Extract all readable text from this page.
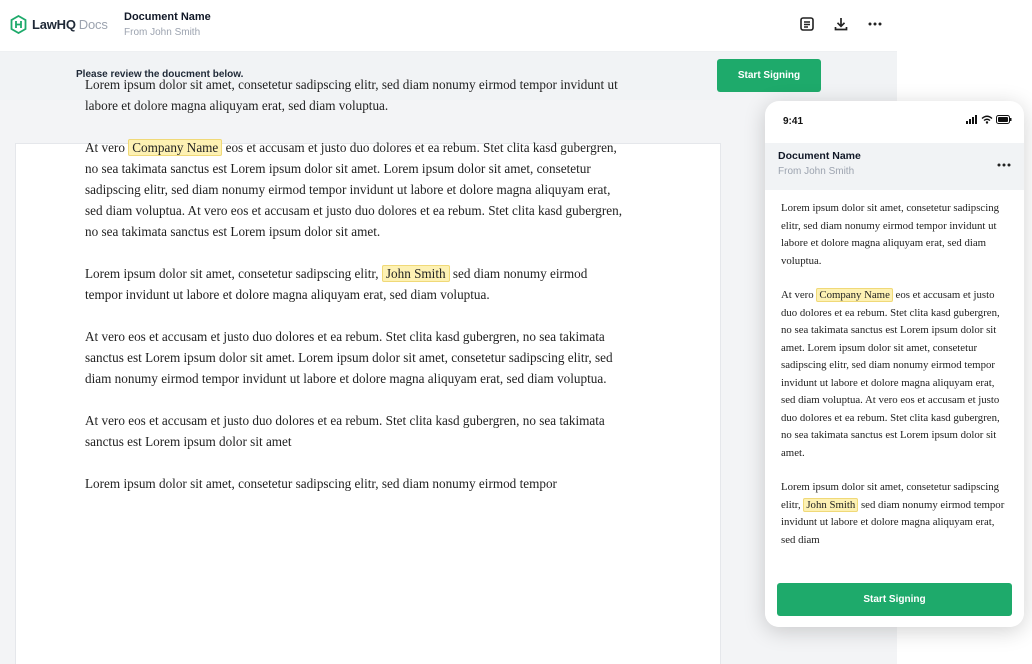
LawHQ Docs Document Name
From John Smith
Please review the doucment below.

Lorem ipsum dolor sit amet, consetetur sadipscing elitr, sed diam nonumy eirmod tempor invidunt ut labore et dolore magna aliquyam erat, sed diam voluptua.

At vero Company Name eos et accusam et justo duo dolores et ea rebum. Stet clita kasd gubergren, no sea takimata sanctus est Lorem ipsum dolor sit amet. Lorem ipsum dolor sit amet, consetetur sadipscing elitr, sed diam nonumy eirmod tempor invidunt ut labore et dolore magna aliquyam erat, sed diam voluptua. At vero eos et accusam et justo duo dolores et ea rebum. Stet clita kasd gubergren, no sea takimata sanctus est Lorem ipsum dolor sit amet.

Lorem ipsum dolor sit amet, consetetur sadipscing elitr, John Smith sed diam nonumy eirmod tempor invidunt ut labore et dolore magna aliquyam erat, sed diam voluptua.

At vero eos et accusam et justo duo dolores et ea rebum. Stet clita kasd gubergren, no sea takimata sanctus est Lorem ipsum dolor sit amet. Lorem ipsum dolor sit amet, consetetur sadipscing elitr, sed diam nonumy eirmod tempor invidunt ut labore et dolore magna aliquyam erat, sed diam voluptua.

At vero eos et accusam et justo duo dolores et ea rebum. Stet clita kasd gubergren, no sea takimata sanctus est Lorem ipsum dolor sit amet

Lorem ipsum dolor sit amet, consetetur sadipscing elitr, sed diam nonumy eirmod tempor

Start Signing
9:41
Document Name
From John Smith

Lorem ipsum dolor sit amet, consetetur sadipscing elitr, sed diam nonumy eirmod tempor invidunt ut labore et dolore magna aliquyam erat, sed diam voluptua.

At vero Company Name eos et accusam et justo duo dolores et ea rebum. Stet clita kasd gubergren, no sea takimata sanctus est Lorem ipsum dolor sit amet. Lorem ipsum dolor sit amet, consetetur sadipscing elitr, sed diam nonumy eirmod tempor invidunt ut labore et dolore magna aliquyam erat, sed diam voluptua. At vero eos et accusam et justo duo dolores et ea rebum. Stet clita kasd gubergren, no sea takimata sanctus est Lorem ipsum dolor sit amet.

Lorem ipsum dolor sit amet, consetetur sadipscing elitr, John Smith sed diam nonumy eirmod tempor invidunt ut labore et dolore magna aliquyam erat, sed diam

Start Signing
